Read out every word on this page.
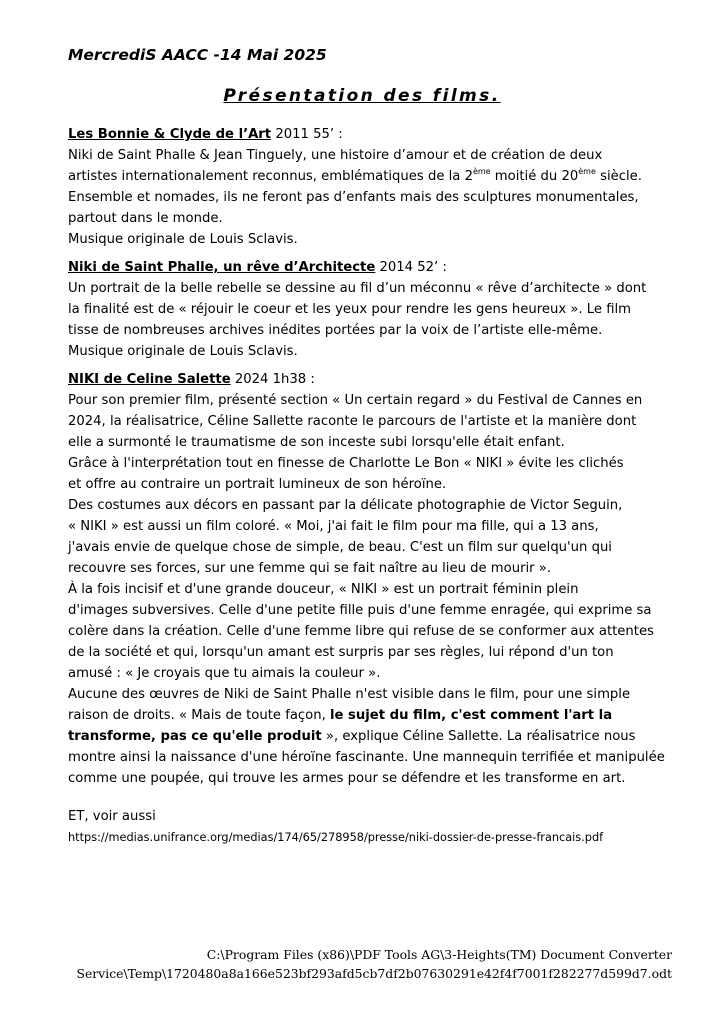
MercrediS AACC -14 Mai 2025
Présentation des films.
Les Bonnie & Clyde de l’Art 2011 55’ :
Niki de Saint Phalle & Jean Tinguely, une histoire d’amour et de création de deux
artistes internationalement reconnus, emblématiques de la 2ème moitié du 20ème siècle.
Ensemble et nomades, ils ne feront pas d’enfants mais des sculptures monumentales,
partout dans le monde.
Musique originale de Louis Sclavis.
Niki de Saint Phalle, un rêve d’Architecte 2014 52’ :
Un portrait de la belle rebelle se dessine au fil d’un méconnu « rêve d’architecte » dont
la finalité est de « réjouir le coeur et les yeux pour rendre les gens heureux ». Le film
tisse de nombreuses archives inédites portées par la voix de l’artiste elle-même.
Musique originale de Louis Sclavis.
NIKI de Celine Salette 2024 1h38 :
Pour son premier film, présenté section « Un certain regard » du Festival de Cannes en
2024, la réalisatrice, Céline Sallette raconte le parcours de l'artiste et la manière dont
elle a surmonté le traumatisme de son inceste subi lorsqu'elle était enfant.
Grâce à l'interprétation tout en finesse de Charlotte Le Bon « NIKI » évite les clichés
et offre au contraire un portrait lumineux de son héroïne.
Des costumes aux décors en passant par la délicate photographie de Victor Seguin,
« NIKI » est aussi un film coloré. « Moi, j'ai fait le film pour ma fille, qui a 13 ans,
j'avais envie de quelque chose de simple, de beau. C'est un film sur quelqu'un qui
recouvre ses forces, sur une femme qui se fait naître au lieu de mourir ».
À la fois incisif et d'une grande douceur, « NIKI » est un portrait féminin plein
d'images subversives. Celle d'une petite fille puis d'une femme enragée, qui exprime sa
colère dans la création. Celle d'une femme libre qui refuse de se conformer aux attentes
de la société et qui, lorsqu'un amant est surpris par ses règles, lui répond d'un ton
amusé : « Je croyais que tu aimais la couleur ».
Aucune des œuvres de Niki de Saint Phalle n'est visible dans le film, pour une simple
raison de droits. « Mais de toute façon, le sujet du film, c'est comment l'art la
transforme, pas ce qu'elle produit », explique Céline Sallette. La réalisatrice nous
montre ainsi la naissance d'une héroïne fascinante. Une mannequin terrifiée et manipulée
comme une poupée, qui trouve les armes pour se défendre et les transforme en art.
ET, voir aussi
https://medias.unifrance.org/medias/174/65/278958/presse/niki-dossier-de-presse-francais.pdf
C:\Program Files (x86)\PDF Tools AG\3-Heights(TM) Document Converter
Service\Temp\1720480a8a166e523bf293afd5cb7df2b07630291e42f4f7001f282277d599d7.odt
